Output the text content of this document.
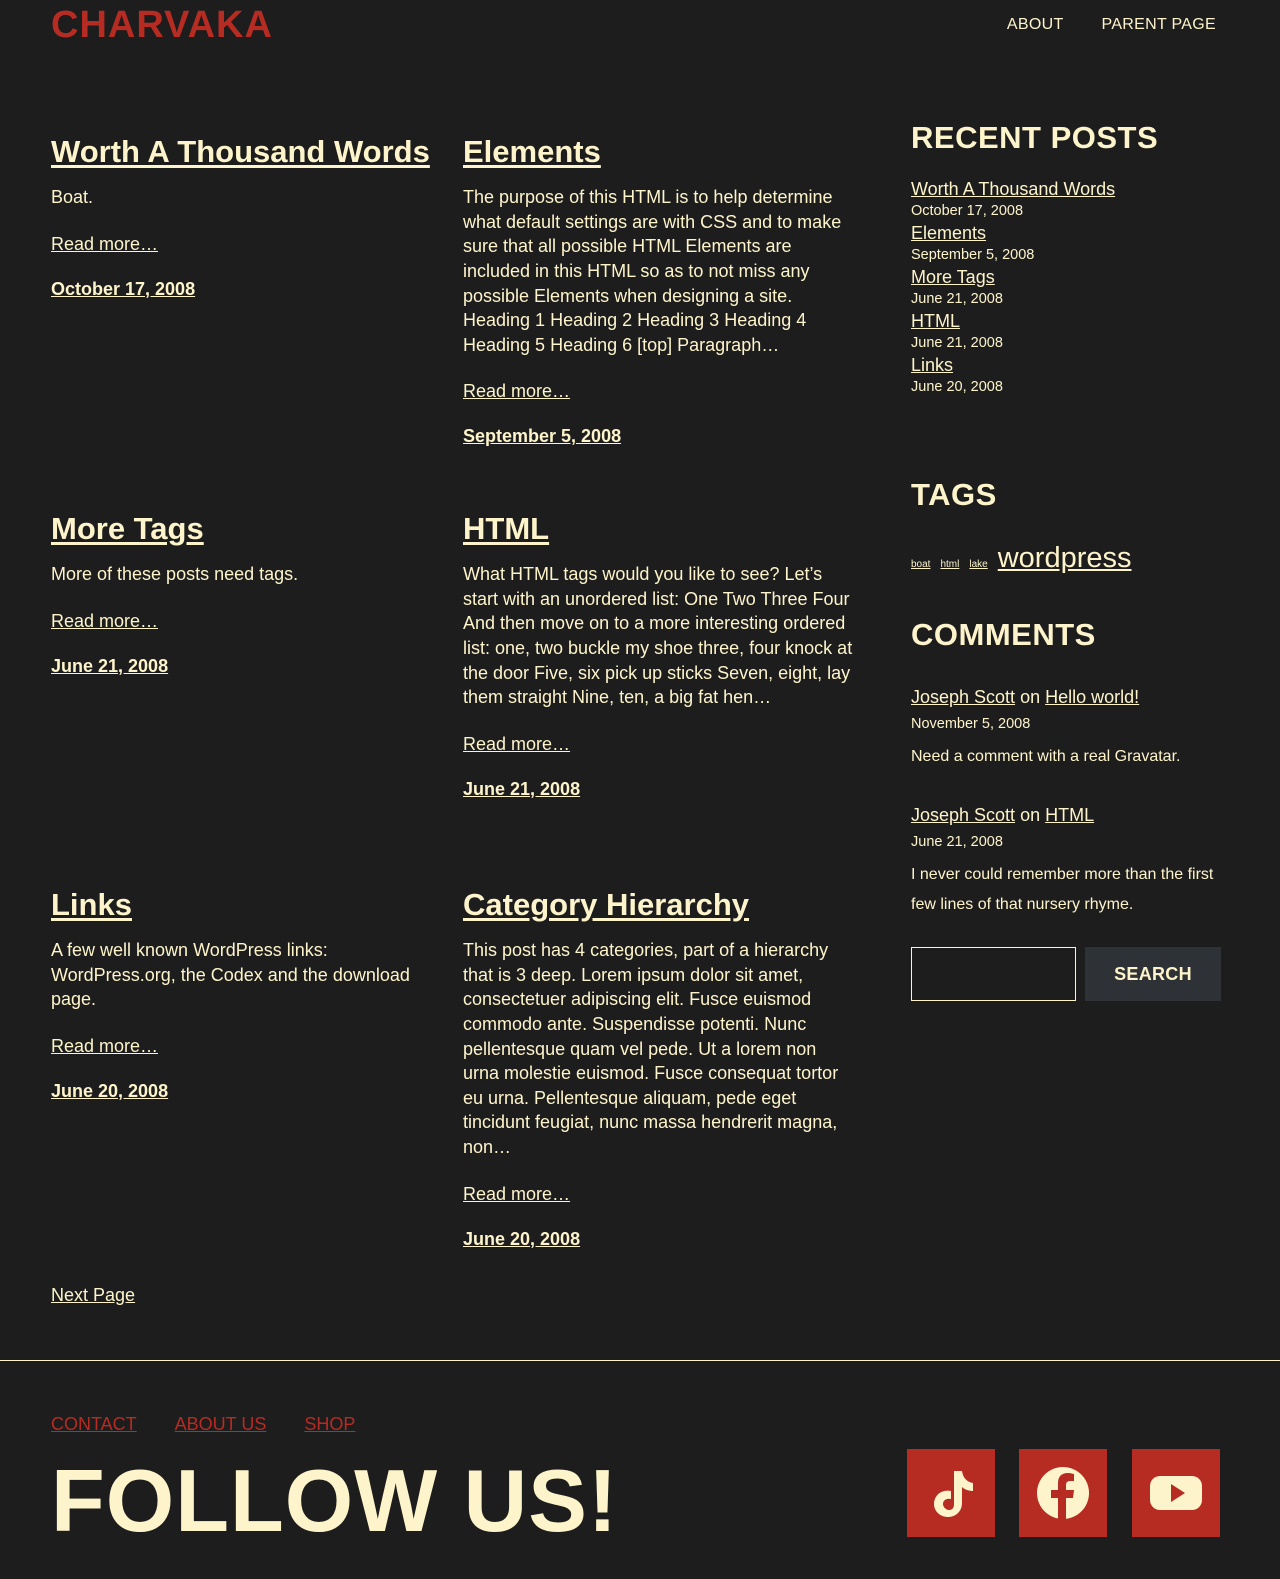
CHARVAKA	ABOUT PARENT PAGE
Worth A Thousand Words

Boat.

Read more…
October 17, 2008
Elements

The purpose of this HTML is to help determine what default settings are with CSS and to make sure that all possible HTML Elements are included in this HTML so as to not miss any possible Elements when designing a site. Heading 1 Heading 2 Heading 3 Heading 4 Heading 5 Heading 6 [top] Paragraph…

Read more…
September 5, 2008
More Tags

More of these posts need tags.

Read more…
June 21, 2008
HTML

What HTML tags would you like to see? Let’s start with an unordered list: One Two Three Four And then move on to a more interesting ordered list: one, two buckle my shoe three, four knock at the door Five, six pick up sticks Seven, eight, lay them straight Nine, ten, a big fat hen…

Read more…
June 21, 2008
Links

A few well known WordPress links: WordPress.org, the Codex and the download page.

Read more…
June 20, 2008
Category Hierarchy

This post has 4 categories, part of a hierarchy that is 3 deep. Lorem ipsum dolor sit amet, consectetuer adipiscing elit. Fusce euismod commodo ante. Suspendisse potenti. Nunc pellentesque quam vel pede. Ut a lorem non urna molestie euismod. Fusce consequat tortor eu urna. Pellentesque aliquam, pede eget tincidunt feugiat, nunc massa hendrerit magna, non…

Read more…
June 20, 2008
Next Page
RECENT POSTS
Worth A Thousand Words
October 17, 2008
Elements
September 5, 2008
More Tags
June 21, 2008
HTML
June 21, 2008
Links
June 20, 2008
TAGS
boat html lake wordpress
COMMENTS
Joseph Scott on Hello world!
November 5, 2008
Need a comment with a real Gravatar.
Joseph Scott on HTML
June 21, 2008
I never could remember more than the first few lines of that nursery rhyme.
SEARCH
CONTACT ABOUT US SHOP
FOLLOW US!
